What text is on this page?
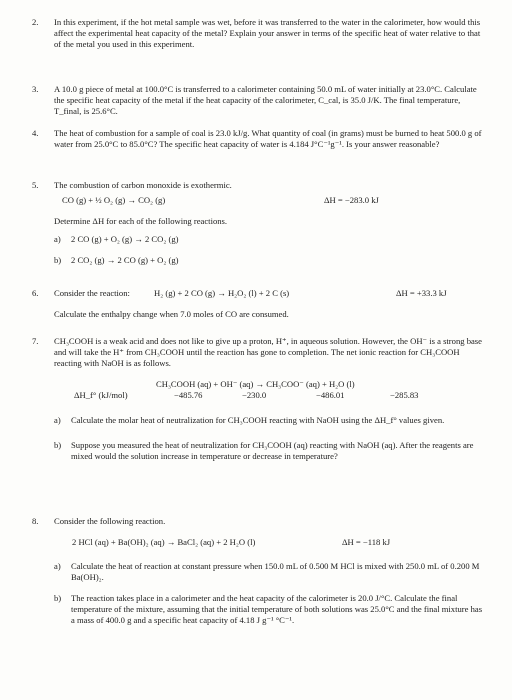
2.	In this experiment, if the hot metal sample was wet, before it was transferred to the water in the calorimeter, how would this affect the experimental heat capacity of the metal? Explain your answer in terms of the specific heat of water relative to that of the metal you used in this experiment.
3.	A 10.0 g piece of metal at 100.0°C is transferred to a calorimeter containing 50.0 mL of water initially at 23.0°C. Calculate the specific heat capacity of the metal if the heat capacity of the calorimeter, C_cal, is 35.0 J/K. The final temperature, T_final, is 25.6°C.
4.	The heat of combustion for a sample of coal is 23.0 kJ/g. What quantity of coal (in grams) must be burned to heat 500.0 g of water from 25.0°C to 85.0°C? The specific heat capacity of water is 4.184 J°C⁻¹g⁻¹. Is your answer reasonable?
5.	The combustion of carbon monoxide is exothermic.
CO (g) + ½ O₂ (g) → CO₂ (g)	ΔH = −283.0 kJ
Determine ΔH for each of the following reactions.
a) 2 CO (g) + O₂ (g) → 2 CO₂ (g)
b) 2 CO₂ (g) → 2 CO (g) + O₂ (g)
6.	Consider the reaction:	H₂ (g) + 2 CO (g) → H₂O₂ (l) + 2 C (s)	ΔH = +33.3 kJ
Calculate the enthalpy change when 7.0 moles of CO are consumed.
7.	CH₃COOH is a weak acid and does not like to give up a proton, H⁺, in aqueous solution. However, the OH⁻ is a strong base and will take the H⁺ from CH₃COOH until the reaction has gone to completion. The net ionic reaction for CH₃COOH reacting with NaOH is as follows.
CH₃COOH (aq) + OH⁻ (aq) → CH₃COO⁻ (aq) + H₂O (l)
ΔH_f° (kJ/mol)	−485.76	−230.0	−486.01	−285.83
a)	Calculate the molar heat of neutralization for CH₃COOH reacting with NaOH using the ΔH_f° values given.
b)	Suppose you measured the heat of neutralization for CH₃COOH (aq) reacting with NaOH (aq). After the reagents are mixed would the solution increase in temperature or decrease in temperature?
8.	Consider the following reaction.
2 HCl (aq) + Ba(OH)₂ (aq) → BaCl₂ (aq) + 2 H₂O (l)	ΔH = −118 kJ
a)	Calculate the heat of reaction at constant pressure when 150.0 mL of 0.500 M HCl is mixed with 250.0 mL of 0.200 M Ba(OH)₂.
b)	The reaction takes place in a calorimeter and the heat capacity of the calorimeter is 20.0 J/°C. Calculate the final temperature of the mixture, assuming that the initial temperature of both solutions was 25.0°C and the final mixture has a mass of 400.0 g and a specific heat capacity of 4.18 J g⁻¹ °C⁻¹.
